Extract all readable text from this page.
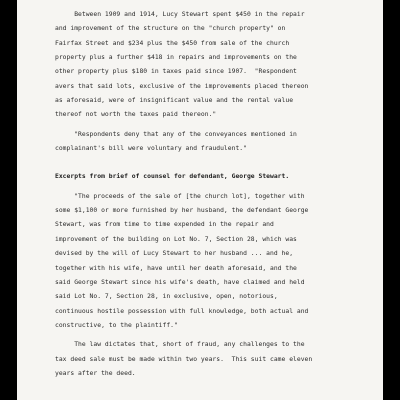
Between 1909 and 1914, Lucy Stewart spent $450 in the repair
and improvement of the structure on the "church property" on
Fairfax Street and $234 plus the $450 from sale of the church
property plus a further $418 in repairs and improvements on the
other property plus $180 in taxes paid since 1907.  "Respondent
avers that said lots, exclusive of the improvements placed thereon
as aforesaid, were of insignificant value and the rental value
thereof not worth the taxes paid thereon."

"Respondents deny that any of the conveyances mentioned in
complainant's bill were voluntary and fraudulent."

Excerpts from brief of counsel for defendant, George Stewart.

"The proceeds of the sale of [the church lot], together with
some $1,100 or more furnished by her husband, the defendant George
Stewart, was from time to time expended in the repair and
improvement of the building on Lot No. 7, Section 28, which was
devised by the will of Lucy Stewart to her husband ... and he,
together with his wife, have until her death aforesaid, and the
said George Stewart since his wife's death, have claimed and held
said Lot No. 7, Section 28, in exclusive, open, notorious,
continuous hostile possession with full knowledge, both actual and
constructive, to the plaintiff."

The law dictates that, short of fraud, any challenges to the
tax deed sale must be made within two years.  This suit came eleven
years after the deed.
